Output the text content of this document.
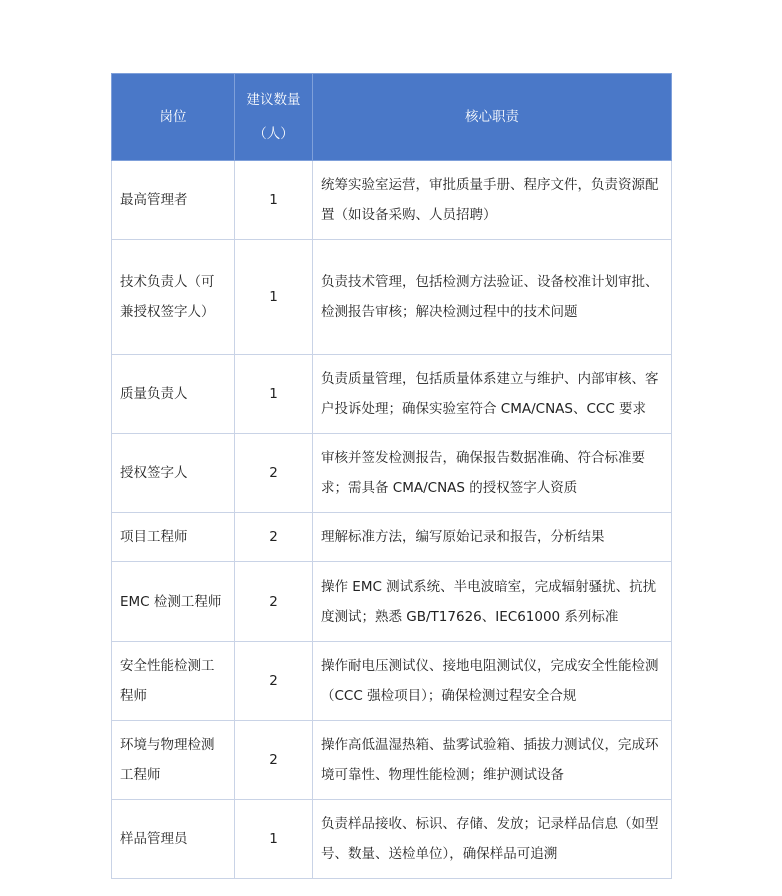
岗位	建议数量（人）	核心职责
最高管理者	1	统筹实验室运营，审批质量手册、程序文件，负责资源配置（如设备采购、人员招聘）
技术负责人（可兼授权签字人）	1	负责技术管理，包括检测方法验证、设备校准计划审批、检测报告审核；解决检测过程中的技术问题
质量负责人	1	负责质量管理，包括质量体系建立与维护、内部审核、客户投诉处理；确保实验室符合 CMA/CNAS、CCC 要求
授权签字人	2	审核并签发检测报告，确保报告数据准确、符合标准要求；需具备 CMA/CNAS 的授权签字人资质
项目工程师	2	理解标准方法，编写原始记录和报告，分析结果
EMC 检测工程师	2	操作 EMC 测试系统、半电波暗室，完成辐射骚扰、抗扰度测试；熟悉 GB/T17626、IEC61000 系列标准
安全性能检测工程师	2	操作耐电压测试仪、接地电阻测试仪，完成安全性能检测（CCC 强检项目）；确保检测过程安全合规
环境与物理检测工程师	2	操作高低温湿热箱、盐雾试验箱、插拔力测试仪，完成环境可靠性、物理性能检测；维护测试设备
样品管理员	1	负责样品接收、标识、存储、发放；记录样品信息（如型号、数量、送检单位），确保样品可追溯
